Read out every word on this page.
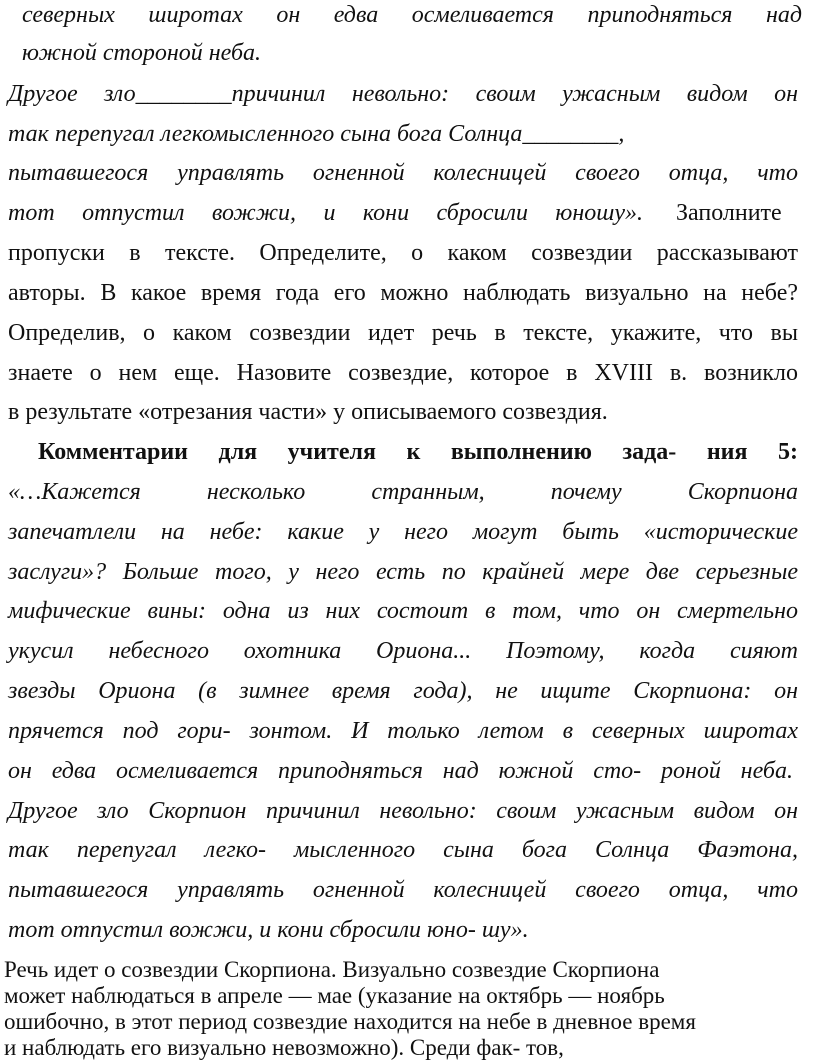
северных широтах он едва осмеливается приподняться над
южной стороной неба.
Другое зло________причинил невольно: своим ужасным видом он
так перепугал легкомысленного сына бога Солнца________,
пытавшегося управлять огненной колесницей своего отца, что
тот отпустил вожжи, и кони сбросили юношу». Заполните
пропуски в тексте. Определите, о каком созвездии рассказывают
авторы. В какое время года его можно наблюдать визуально на небе?
Определив, о каком созвездии идет речь в тексте, укажите, что вы
знаете о нем еще. Назовите созвездие, которое в XVIII в. возникло
в результате «отрезания части» у описываемого созвездия.
Комментарии для учителя к выполнению зада- ния 5:
«…Кажется несколько странным, почему Скорпиона
запечатлели на небе: какие у него могут быть «исторические
заслуги»? Больше того, у него есть по крайней мере две серьезные
мифические вины: одна из них состоит в том, что он смертельно
укусил небесного охотника Ориона... Поэтому, когда сияют
звезды Ориона (в зимнее время года), не ищите Скорпиона: он
прячется под гори- зонтом. И только летом в северных широтах
он едва осмеливается приподняться над южной сто- роной неба.
Другое зло Скорпион причинил невольно: своим ужасным видом он
так перепугал легко- мысленного сына бога Солнца Фаэтона,
пытавшегося управлять огненной колесницей своего отца, что
тот отпустил вожжи, и кони сбросили юно- шу».
Речь идет о созвездии Скорпиона. Визуально созвездие Скорпиона
может наблюдаться в апреле — мае (указание на октябрь — ноябрь
ошибочно, в этот период созвездие находится на небе в дневное время
и наблюдать его визуально невозможно). Среди фак- тов,
